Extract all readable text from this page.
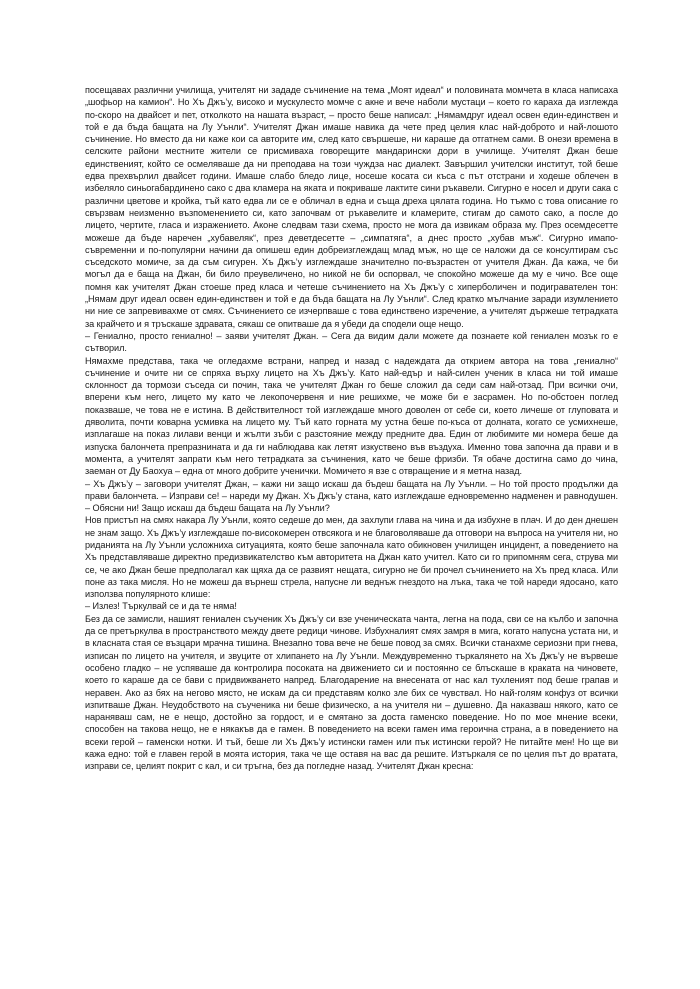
посещавах различни училища, учителят ни зададе съчинение на тема „Моят идеал“ и половината момчета в класа написаха „шофьор на камион“. Но Хъ Джъ’у, високо и мускулесто момче с акне и вече наболи мустаци – което го караха да изглежда по-скоро на двайсет и пет, отколкото на нашата възраст, – просто беше написал: „Нямамдруг идеал освен един-единствен и той е да бъда бащата на Лу Уънли“. Учителят Джан имаше навика да чете пред целия клас най-доброто и най-лошото съчинение. Но вместо да ни каже кои са авторите им, след като свършеше, ни караше да отгатнем сами. В онези времена в селските райони местните жители се присмиваха говорещите мандарински дори в училище. Учителят Джан беше единственият, който се осмеляваше да ни преподава на този чуждза нас диалект. Завършил учителски институт, той беше едва прехвърлил двайсет години. Имаше слабо бледо лице, носеше косата си къса с път отстрани и ходеше облечен в избеляло синьогабардинено сако с два кламера на яката и покриваше лактите сини ръкавели. Сигурно е носел и други сака с различни цветове и кройка, тъй като едва ли се е обличал в една и съща дреха цялата година. Но тъкмо с това описание го свързвам неизменно възпоменението си, като започвам от ръкавелите и кламерите, стигам до самото сако, а после до лицето, чертите, гласа и изражението. Аконе следвам тази схема, просто не мога да извикам образа му. През осемдесетте можеше да бъде наречен „хубавеляк“, през деветдесетте – „симпатяга“, а днес просто „хубав мъж“. Сигурно имапо-съвременни и по-популярни начини да опишеш един добреизглеждащ млад мъж, но ще се наложи да се консултирам със съседското момиче, за да съм сигурен. Хъ Джъ’у изглеждаше значително по-възрастен от учителя Джан. Да кажа, че би могъл да е баща на Джан, би било преувеличено, но никой не би оспорвал, че спокойно можеше да му е чичо. Все още помня как учителят Джан стоеше пред класа и четеше съчинението на Хъ Джъ’у с хиперболичен и подигравателен тон: „Нямам друг идеал освен един-единствен и той е да бъда бащата на Лу Уънли“. След кратко мълчание заради изумлението ни ние се запревивахме от смях. Съчинението се изчерпваше с това единствено изречение, а учителят държеше тетрадката за крайчето и я тръскаше здравата, сякаш се опитваше да я убеди да сподели още нещо.

– Гениално, просто гениално! – заяви учителят Джан. – Сега да видим дали можете да познаете кой гениален мозък го е сътворил.

Нямахме представа, така че огледахме встрани, напред и назад с надеждата да открием автора на това „гениално“ съчинение и очите ни се спряха върху лицето на Хъ Джъ’у. Като най-едър и най-силен ученик в класа ни той имаше склонност да тормози съседа си почин, така че учителят Джан го беше сложил да седи сам най-отзад. При всички очи, вперени към него, лицето му като че лекопочервеня и ние решихме, че може би е засрамен. Но по-обстоен поглед показваше, че това не е истина. В действителност той изглеждаше много доволен от себе си, което личеше от глуповата и дяволита, почти коварна усмивка на лицето му. Тъй като горната му устна беше по-къса от долната, когато се усмихнеше, изплагаше на показ лилави венци и жълти зъби с разстояние между предните два. Един от любимите ми номера беше да изпуска балончета препразнината и да ги наблюдава как летят изкуствено във въздуха. Именно това започна да прави и в момента, а учителят запрати към него тетрадката за съчинения, като че беше фризби. Тя обаче достигна само до чина, заеман от Ду Баохуа – една от много добрите ученички. Момичето я взе с отвращение и я метна назад.

– Хъ Джъ’у – заговори учителят Джан, – кажи ни защо искаш да бъдеш бащата на Лу Уънли. – Но той просто продължи да прави балончета. – Изправи се! – нареди му Джан. Хъ Джъ’у стана, като изглеждаше едновременно надменен и равнодушен. – Обясни ни! Защо искаш да бъдеш бащата на Лу Уънли?

Нов пристъп на смях накара Лу Уънли, която седеше до мен, да захлупи глава на чина и да избухне в плач. И до ден днешен не знам защо. Хъ Джъ’у изглеждаше по-високомерен отвсякога и не благоволяваше да отговори на въпроса на учителя ни, но риданията на Лу Уънли усложниха ситуацията, която беше започнала като обикновен училищен инцидент, а поведението на Хъ представляваше директно предизвикателство към авторитета на Джан като учител. Като си го припомням сега, струва ми се, че ако Джан беше предполагал как щяха да се развият нещата, сигурно не би прочел съчинението на Хъ пред класа. Или поне аз така мисля. Но не можеш да върнеш стрела, напусне ли веднъж гнездото на лъка, така че той нареди ядосано, като използва популярното клише:

– Излез! Търкулвай се и да те няма!

Без да се замисли, нашият гениален съученик Хъ Джъ’у си взе ученическата чанта, легна на пода, сви се на кълбо и започна да се претъркулва в пространството между двете редици чинове. Избухналият смях замря в мига, когато напусна устата ни, и в класната стая се възцари мрачна тишина. Внезапно това вече не беше повод за смях. Всички станахме сериозни при гнева, изписан по лицето на учителя, и звуците от хлипането на Лу Уънли. Междувременно търкалянето на Хъ Джъ’у не вървеше особено гладко – не успяваше да контролира посоката на движението си и постоянно се блъскаше в краката на чиновете, което го караше да се бави с придвижването напред. Благодарение на внесената от нас кал тухленият под беше грапав и неравен. Ако аз бях на негово място, не искам да си представям колко зле бих се чувствал. Но най-голям конфуз от всички изпитваше Джан. Неудобството на съученика ни беше физическо, а на учителя ни – душевно. Да наказваш някого, като се нараняваш сам, не е нещо, достойно за гордост, и е смятано за доста гаменско поведение. Но по мое мнение всеки, способен на такова нещо, не е някакъв да е гамен. В поведението на всеки гамен има героична страна, а в поведението на всеки герой – гаменски нотки. И тъй, беше ли Хъ Джъ’у истински гамен или пък истински герой? Не питайте мен! Но ще ви кажа едно: той е главен герой в моята история, така че ще оставя на вас да решите. Изтъркаля се по целия път до вратата, изправи се, целият покрит с кал, и си тръгна, без да погледне назад. Учителят Джан кресна:
